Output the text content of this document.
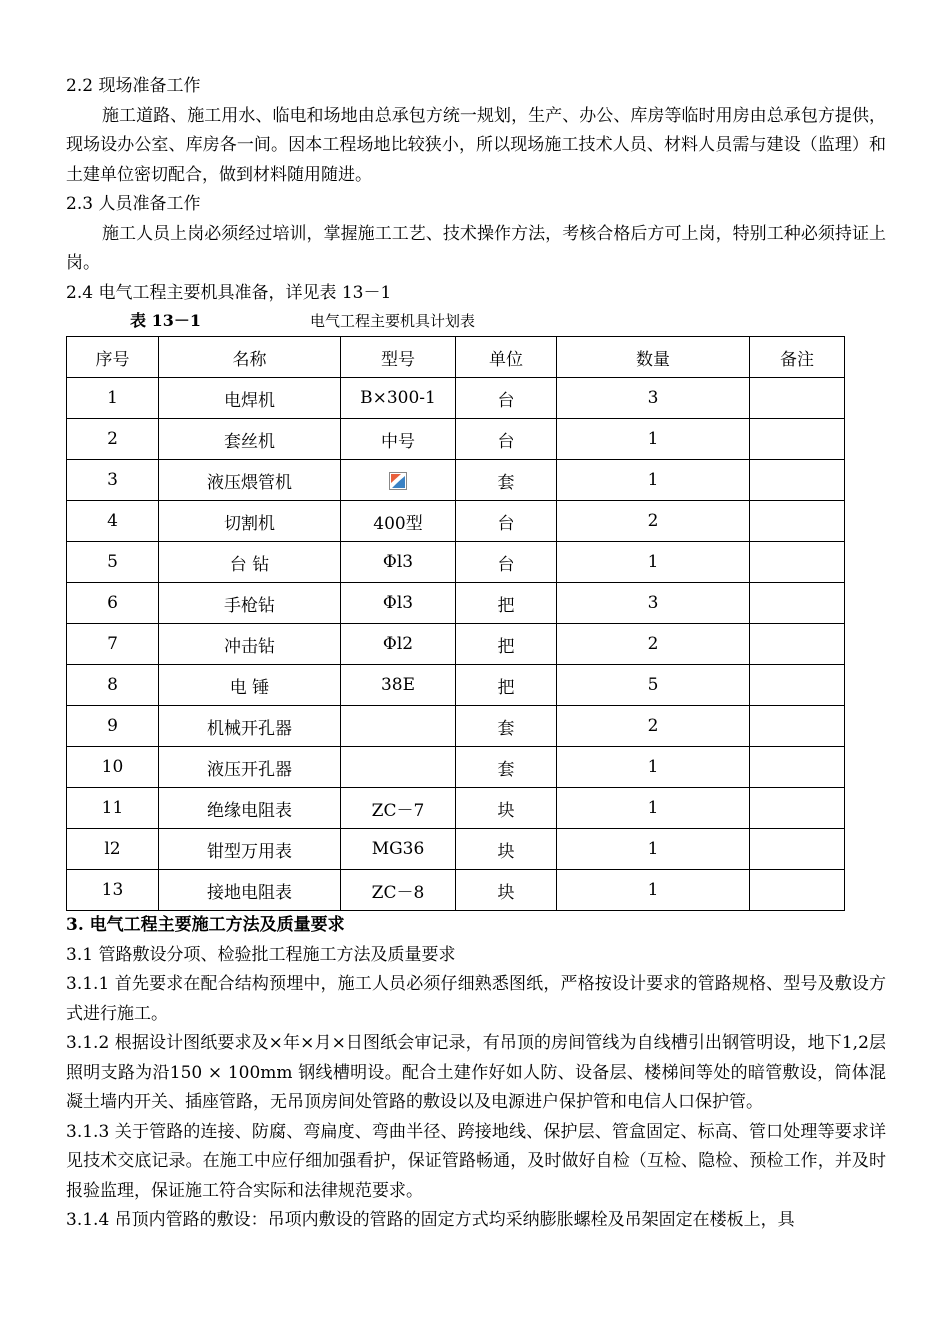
2.2 现场准备工作
施工道路、施工用水、临电和场地由总承包方统一规划，生产、办公、库房等临时用房由总承包方提供，现场设办公室、库房各一间。因本工程场地比较狭小，所以现场施工技术人员、材料人员需与建设（监理）和土建单位密切配合，做到材料随用随进。
2.3 人员准备工作
施工人员上岗必须经过培训，掌握施工工艺、技术操作方法，考核合格后方可上岗，特别工种必须持证上岗。
2.4 电气工程主要机具准备，详见表 13－1
表 13－1	电气工程主要机具计划表
序号	名称	型号	单位	数量	备注
1	电焊机	B×300-1	台	3	
2	套丝机	中号	台	1	
3	液压煨管机		套	1	
4	切割机	400型	台	2	
5	台 钻	Φl3	台	1	
6	手枪钻	Φl3	把	3	
7	冲击钻	Φl2	把	2	
8	电 锤	38E	把	5	
9	机械开孔器		套	2	
10	液压开孔器		套	1	
11	绝缘电阻表	ZC－7	块	1	
l2	钳型万用表	MG36	块	1	
13	接地电阻表	ZC－8	块	1	
3. 电气工程主要施工方法及质量要求
3.1 管路敷设分项、检验批工程施工方法及质量要求
3.1.1 首先要求在配合结构预埋中，施工人员必须仔细熟悉图纸，严格按设计要求的管路规格、型号及敷设方式进行施工。
3.1.2 根据设计图纸要求及×年×月×日图纸会审记录，有吊顶的房间管线为自线槽引出钢管明设，地下1,2层照明支路为沿150 × 100mm 钢线槽明设。配合土建作好如人防、设备层、楼梯间等处的暗管敷设，筒体混凝土墙内开关、插座管路，无吊顶房间处管路的敷设以及电源进户保护管和电信人口保护管。
3.1.3 关于管路的连接、防腐、弯扁度、弯曲半径、跨接地线、保护层、管盒固定、标高、管口处理等要求详见技术交底记录。在施工中应仔细加强看护，保证管路畅通，及时做好自检（互检、隐检、预检工作，并及时报验监理，保证施工符合实际和法律规范要求。
3.1.4 吊顶内管路的敷设：吊项内敷设的管路的固定方式均采纳膨胀螺栓及吊架固定在楼板上，具
